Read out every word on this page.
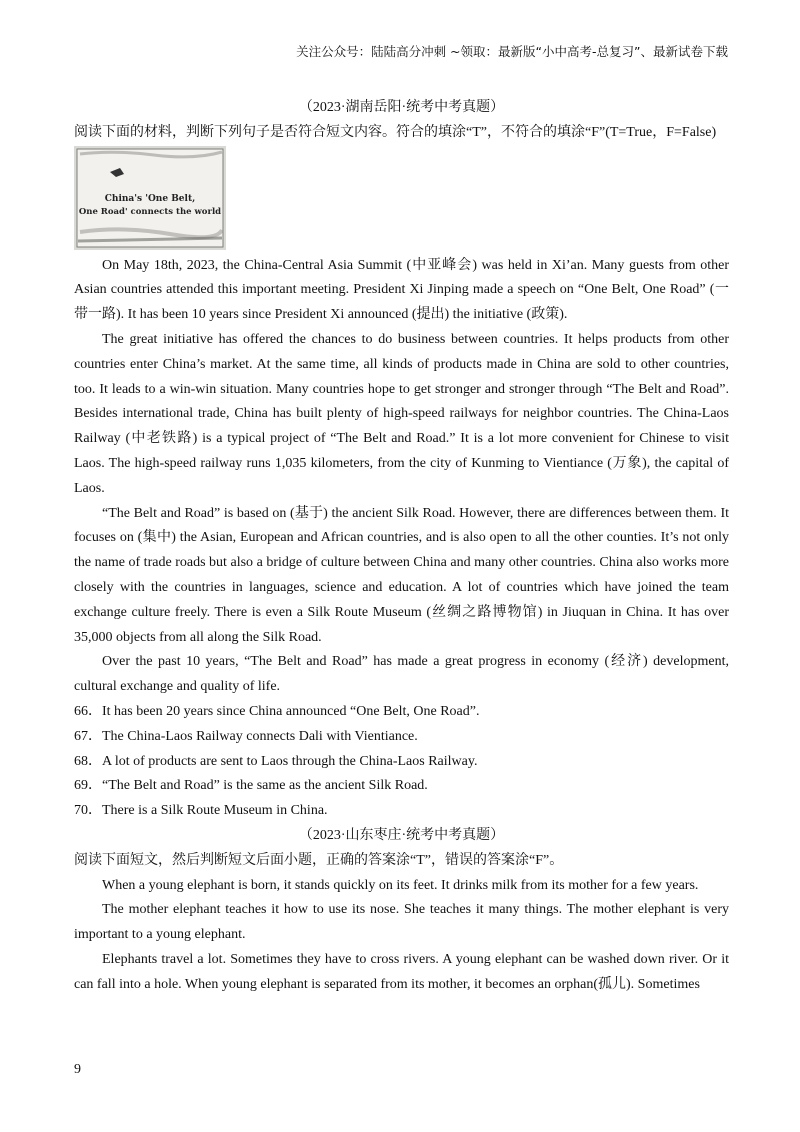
关注公众号：陆陆高分冲刺 ~领取：最新版“小中高考-总复习”、最新试卷下载

（2023·湖南岳阳·统考中考真题）

阅读下面的材料，判断下列句子是否符合短文内容。符合的填涂“T”，不符合的填涂“F”(T=True，F=False)

China's 'One Belt,
One Road' connects the world

On May 18th, 2023, the China-Central Asia Summit (中亚峰会) was held in Xi’an. Many guests from other Asian countries attended this important meeting. President Xi Jinping made a speech on “One Belt, One Road” (一带一路). It has been 10 years since President Xi announced (提出) the initiative (政策).

The great initiative has offered the chances to do business between countries. It helps products from other countries enter China’s market. At the same time, all kinds of products made in China are sold to other countries, too. It leads to a win-win situation. Many countries hope to get stronger and stronger through “The Belt and Road”. Besides international trade, China has built plenty of high-speed railways for neighbor countries. The China-Laos Railway (中老铁路) is a typical project of “The Belt and Road.” It is a lot more convenient for Chinese to visit Laos. The high-speed railway runs 1,035 kilometers, from the city of Kunming to Vientiance (万象), the capital of Laos.

“The Belt and Road” is based on (基于) the ancient Silk Road. However, there are differences between them. It focuses on (集中) the Asian, European and African countries, and is also open to all the other counties. It’s not only the name of trade roads but also a bridge of culture between China and many other countries. China also works more closely with the countries in languages, science and education. A lot of countries which have joined the team exchange culture freely. There is even a Silk Route Museum (丝绸之路博物馆) in Jiuquan in China. It has over 35,000 objects from all along the Silk Road.

Over the past 10 years, “The Belt and Road” has made a great progress in economy (经济) development, cultural exchange and quality of life.

66．It has been 20 years since China announced “One Belt, One Road”.

67．The China-Laos Railway connects Dali with Vientiance.

68．A lot of products are sent to Laos through the China-Laos Railway.

69．“The Belt and Road” is the same as the ancient Silk Road.

70．There is a Silk Route Museum in China.

（2023·山东枣庄·统考中考真题）

阅读下面短文，然后判断短文后面小题，正确的答案涂“T”，错误的答案涂“F”。

When a young elephant is born, it stands quickly on its feet. It drinks milk from its mother for a few years.

The mother elephant teaches it how to use its nose. She teaches it many things. The mother elephant is very important to a young elephant.

Elephants travel a lot. Sometimes they have to cross rivers. A young elephant can be washed down river. Or it can fall into a hole. When young elephant is separated from its mother, it becomes an orphan(孤儿). Sometimes

9
